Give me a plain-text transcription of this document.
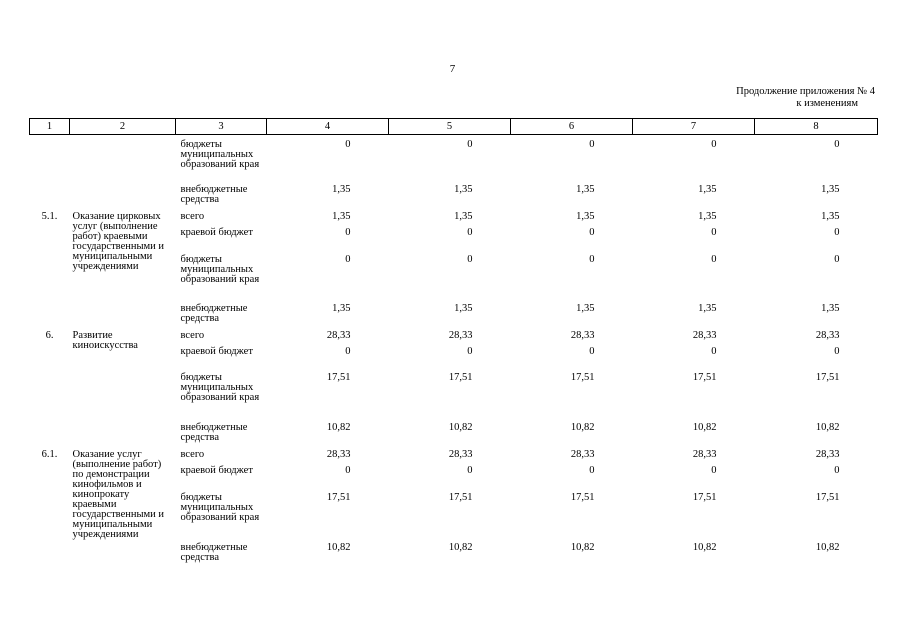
7
Продолжение приложения № 4
к изменениям
1	2	3	4	5	6	7	8
		бюджеты муниципальных образований края	0	0	0	0	0
		внебюджетные средства	1,35	1,35	1,35	1,35	1,35
5.1.	Оказание цирковых услуг (выполнение работ) краевыми государственными и муниципальными учреждениями	всего	1,35	1,35	1,35	1,35	1,35
		краевой бюджет	0	0	0	0	0
		бюджеты муниципальных образований края	0	0	0	0	0
		внебюджетные средства	1,35	1,35	1,35	1,35	1,35
6.	Развитие киноискусства	всего	28,33	28,33	28,33	28,33	28,33
		краевой бюджет	0	0	0	0	0
		бюджеты муниципальных образований края	17,51	17,51	17,51	17,51	17,51
		внебюджетные средства	10,82	10,82	10,82	10,82	10,82
6.1.	Оказание услуг (выполнение работ) по демонстрации кинофильмов и кинопрокату краевыми государственными и муниципальными учреждениями	всего	28,33	28,33	28,33	28,33	28,33
		краевой бюджет	0	0	0	0	0
		бюджеты муниципальных образований края	17,51	17,51	17,51	17,51	17,51
		внебюджетные средства	10,82	10,82	10,82	10,82	10,82
